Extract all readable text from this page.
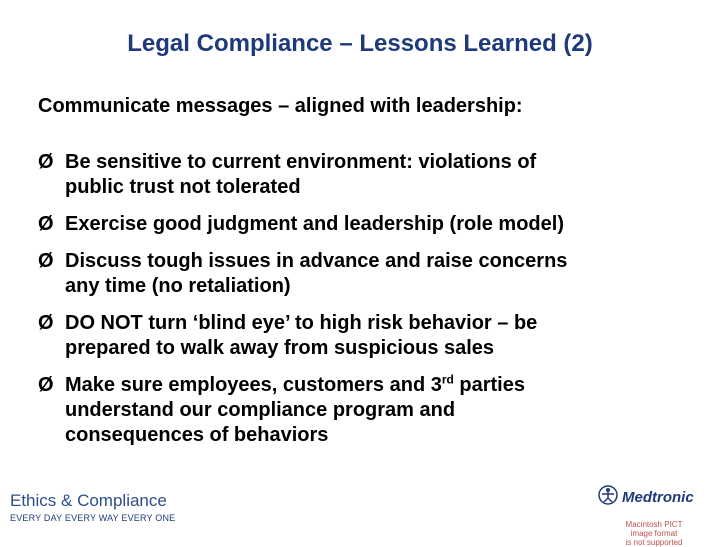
Legal Compliance – Lessons Learned (2)
Communicate messages – aligned with leadership:
Ø Be sensitive to current environment: violations of
public trust not tolerated
Ø Exercise good judgment and leadership (role model)
Ø Discuss tough issues in advance and raise concerns
any time (no retaliation)
Ø DO NOT turn ‘blind eye’ to high risk behavior – be
prepared to walk away from suspicious sales
Ø Make sure employees, customers and 3rd parties
understand our compliance program and
consequences of behaviors
Ethics & Compliance
EVERY DAY EVERY WAY EVERY ONE
Medtronic
Macintosh PICT
image format
is not supported
